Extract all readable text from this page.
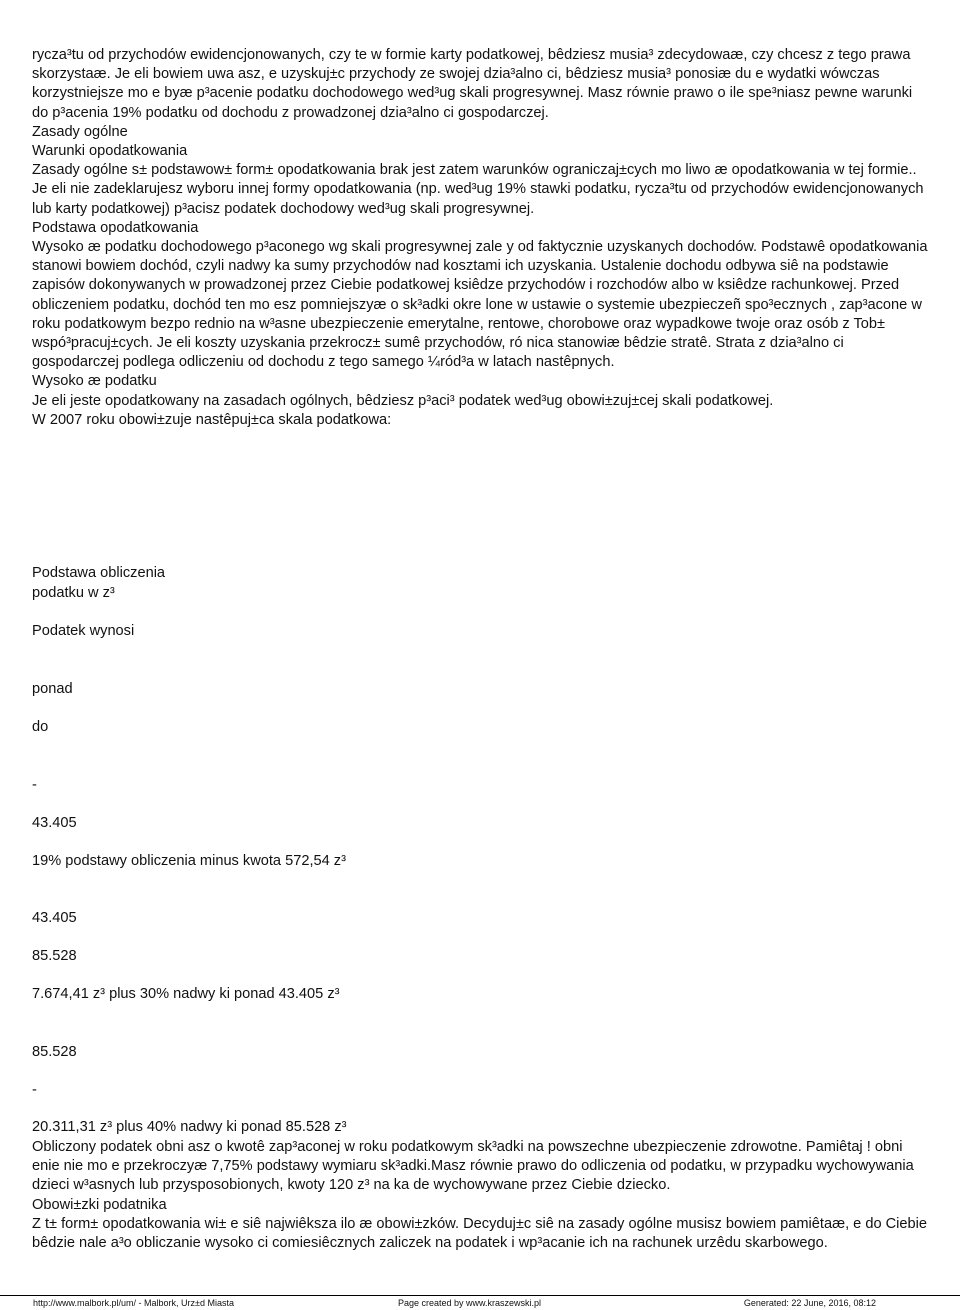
rycza³tu od przychodów ewidencjonowanych, czy te w formie karty podatkowej, bêdziesz musia³ zdecydowaæ, czy chcesz z tego prawa skorzystaæ. Je eli bowiem uwa asz, e uzyskuj±c przychody ze swojej dzia³alno ci, bêdziesz musia³ ponosiæ du e wydatki wówczas korzystniejsze mo e byæ p³acenie podatku dochodowego wed³ug skali progresywnej. Masz równie prawo o ile spe³niasz pewne warunki do p³acenia 19% podatku od dochodu z prowadzonej dzia³alno ci gospodarczej.

Zasady ogólne

Warunki opodatkowania

Zasady ogólne s± podstawow± form± opodatkowania brak jest zatem warunków ograniczaj±cych mo liwo æ opodatkowania w tej formie.. Je eli nie zadeklarujesz wyboru innej formy opodatkowania (np. wed³ug 19% stawki podatku, rycza³tu od przychodów ewidencjonowanych lub karty podatkowej) p³acisz podatek dochodowy wed³ug skali progresywnej.

Podstawa opodatkowania

Wysoko æ podatku dochodowego p³aconego wg skali progresywnej zale y od faktycznie uzyskanych dochodów. Podstawê opodatkowania stanowi bowiem dochód, czyli nadwy ka sumy przychodów nad kosztami ich uzyskania. Ustalenie dochodu odbywa siê na podstawie zapisów dokonywanych w prowadzonej przez Ciebie podatkowej ksiêdze przychodów i rozchodów albo w ksiêdze rachunkowej. Przed obliczeniem podatku, dochód ten mo esz pomniejszyæ o sk³adki okre lone w ustawie o systemie ubezpieczeñ spo³ecznych , zap³acone w roku podatkowym bezpo rednio na w³asne ubezpieczenie emerytalne, rentowe, chorobowe oraz wypadkowe twoje oraz osób z Tob± wspó³pracuj±cych. Je eli koszty uzyskania przekrocz± sumê przychodów, ró nica stanowiæ bêdzie stratê. Strata z dzia³alno ci gospodarczej podlega odliczeniu od dochodu z tego samego ¼ród³a w latach nastêpnych.

Wysoko æ podatku

Je eli jeste opodatkowany na zasadach ogólnych, bêdziesz p³aci³ podatek wed³ug obowi±zuj±cej skali podatkowej.

W 2007 roku obowi±zuje nastêpuj±ca skala podatkowa:

Podstawa obliczenia
podatku w z³
Podatek wynosi
ponad
do
-
43.405
19% podstawy obliczenia minus kwota 572,54 z³
43.405
85.528
7.674,41 z³ plus 30% nadwy ki ponad 43.405 z³
85.528
-
20.311,31 z³ plus 40% nadwy ki ponad 85.528 z³

Obliczony podatek obni asz o kwotê zap³aconej w roku podatkowym sk³adki na powszechne ubezpieczenie zdrowotne. Pamiêtaj ! obni enie nie mo e przekroczyæ 7,75% podstawy wymiaru sk³adki.Masz równie prawo do odliczenia od podatku, w przypadku wychowywania dzieci w³asnych lub przysposobionych, kwoty 120 z³ na ka de wychowywane przez Ciebie dziecko.

Obowi±zki podatnika

Z t± form± opodatkowania wi± e siê najwiêksza ilo æ obowi±zków. Decyduj±c siê na zasady ogólne musisz bowiem pamiêtaæ, e do Ciebie bêdzie nale a³o obliczanie wysoko ci comiesiêcznych zaliczek na podatek i wp³acanie ich na rachunek urzêdu skarbowego.

http://www.malbork.pl/um/ - Malbork, Urz±d Miasta	Page created by www.kraszewski.pl	Generated: 22 June, 2016, 08:12
